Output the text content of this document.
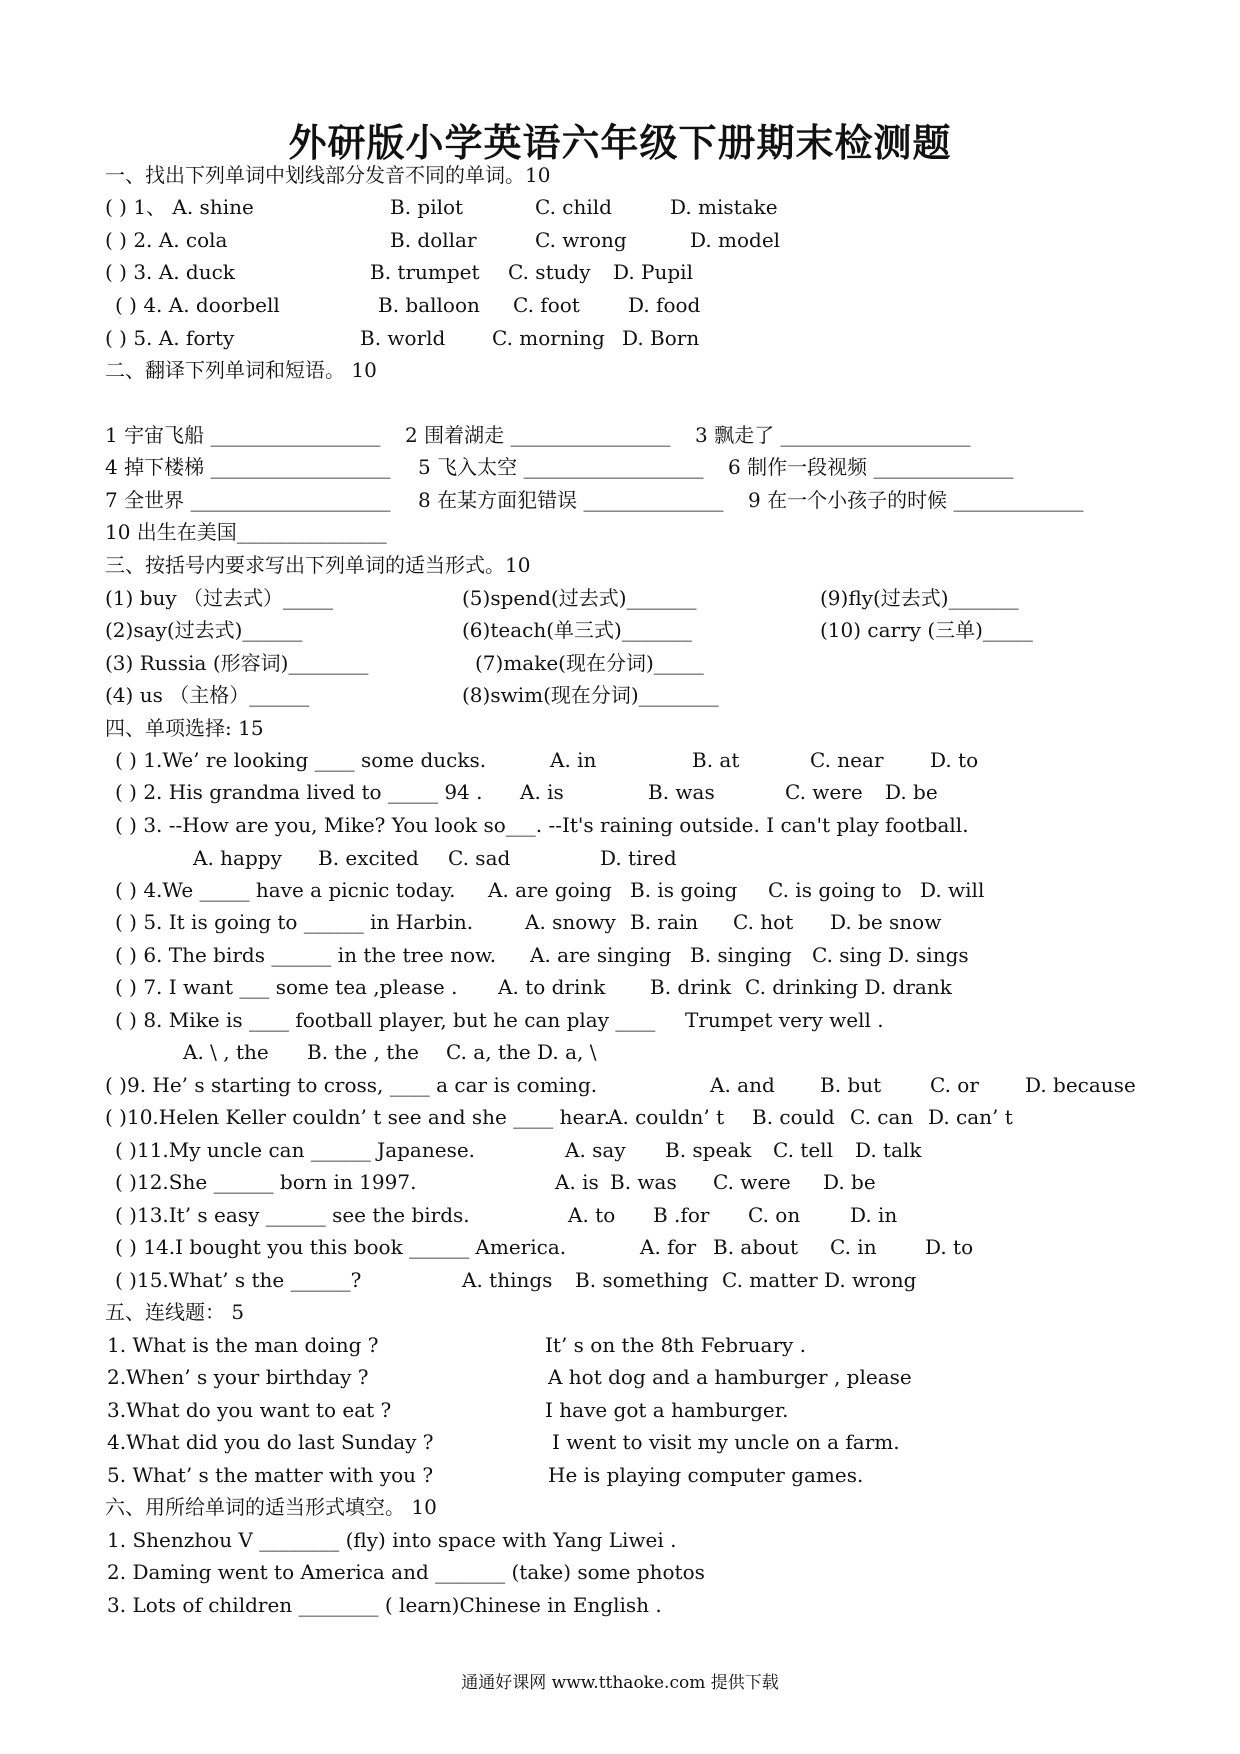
外研版小学英语六年级下册期末检测题
一、找出下列单词中划线部分发音不同的单词。10
( ) 1、 A. shine	B. pilot	C. child	D. mistake
( ) 2. A. cola	B. dollar	C. wrong	D. model
( ) 3. A. duck	B. trumpet C. study D. Pupil
( ) 4. A. doorbell	B. balloon C. foot D. food
( ) 5. A. forty	B. world C. morning D. Born
二、翻译下列单词和短语。 10
1 宇宙飞船 _________________ 2 围着湖走 ________________ 3 飘走了 ___________________
4 掉下楼梯 __________________ 5 飞入太空 __________________ 6 制作一段视频 ______________
7 全世界 ____________________ 8 在某方面犯错误 ______________ 9 在一个小孩子的时候 _____________
10 出生在美国_______________
三、按括号内要求写出下列单词的适当形式。10
(1) buy （过去式）_____	(5)spend(过去式)_______	(9)fly(过去式)_______
(2)say(过去式)______	(6)teach(单三式)_______	(10) carry (三单)_____
(3) Russia (形容词)________	(7)make(现在分词)_____
(4) us （主格）______	(8)swim(现在分词)________
四、单项选择: 15
( ) 1.We’ re looking ____ some ducks.	A. in	B. at	C. near D. to
( ) 2. His grandma lived to _____ 94 . A. is	B. was	C. were D. be
( ) 3. --How are you, Mike? You look so___. --It's raining outside. I can't play football.
A. happy B. excited C. sad	D. tired
( ) 4.We _____ have a picnic today. A. are going B. is going C. is going to D. will
( ) 5. It is going to ______ in Harbin.	A. snowy B. rain C. hot D. be snow
( ) 6. The birds ______ in the tree now. A. are singing B. singing C. sing D. sings
( ) 7. I want ___ some tea ,please . A. to drink B. drink C. drinking D. drank
( ) 8. Mike is ____ football player, but he can play ____ Trumpet very well .
A. \ , the B. the , the C. a, the D. a, \
( )9. He’ s starting to cross, ____ a car is coming.	A. and B. but C. or D. because
( )10.Helen Keller couldn’ t see and she ____ hear.
A. couldn’ t B. could C. can D. can’ t
( )11.My uncle can ______ Japanese.	A. say B. speak C. tell D. talk
( )12.She ______ born in 1997.	A. is B. was C. were D. be
( )13.It’ s easy ______ see the birds.	A. to B .for C. on D. in
( ) 14.I bought you this book ______ America.	A. for B. about C. in D. to
( )15.What’ s the ______?	A. things B. something C. matter D. wrong
五、连线题： 5
1. What is the man doing ?	It’ s on the 8th February .
2.When’ s your birthday ?	A hot dog and a hamburger , please
3.What do you want to eat ?	I have got a hamburger.
4.What did you do last Sunday ?	I went to visit my uncle on a farm.
5. What’ s the matter with you ?	He is playing computer games.
六、用所给单词的适当形式填空。 10
1. Shenzhou V ________ (fly) into space with Yang Liwei .
2. Daming went to America and _______ (take) some photos
3. Lots of children ________ ( learn)Chinese in English .
通通好课网 www.tthaoke.com 提供下载
